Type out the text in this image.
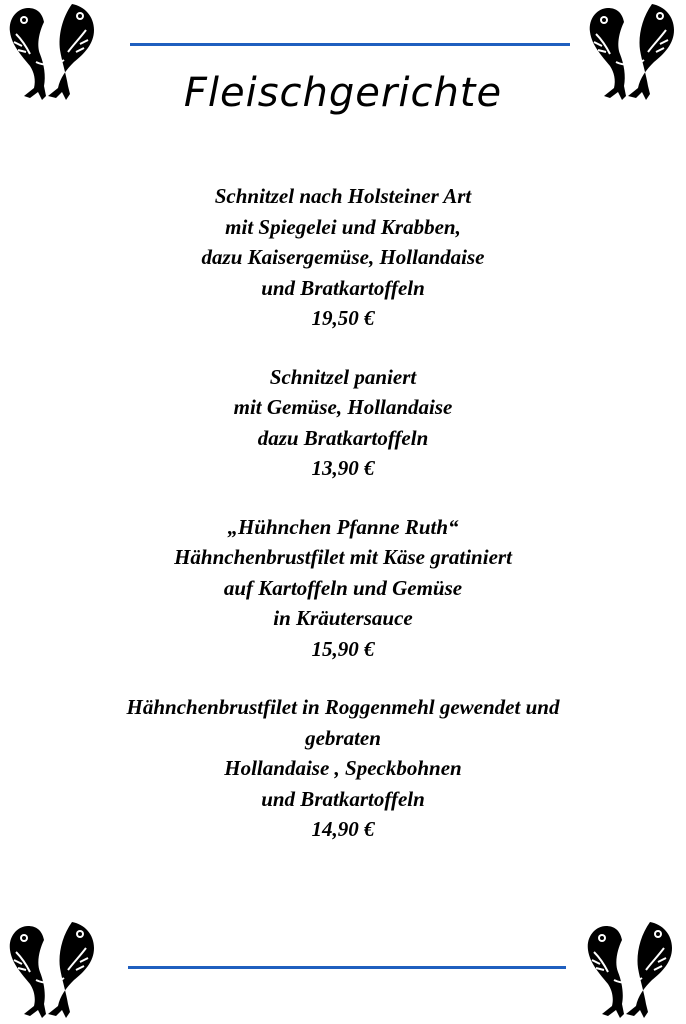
Fleischgerichte
Schnitzel nach Holsteiner Art
mit Spiegelei und Krabben,
dazu Kaisergemüse, Hollandaise
und Bratkartoffeln
19,50 €
Schnitzel paniert
mit Gemüse, Hollandaise
dazu Bratkartoffeln
13,90 €
„Hühnchen Pfanne Ruth“
Hähnchenbrustfilet mit Käse gratiniert
auf Kartoffeln und Gemüse
in Kräutersauce
15,90 €
Hähnchenbrustfilet in Roggenmehl gewendet und
gebraten
Hollandaise , Speckbohnen
und Bratkartoffeln
14,90 €
